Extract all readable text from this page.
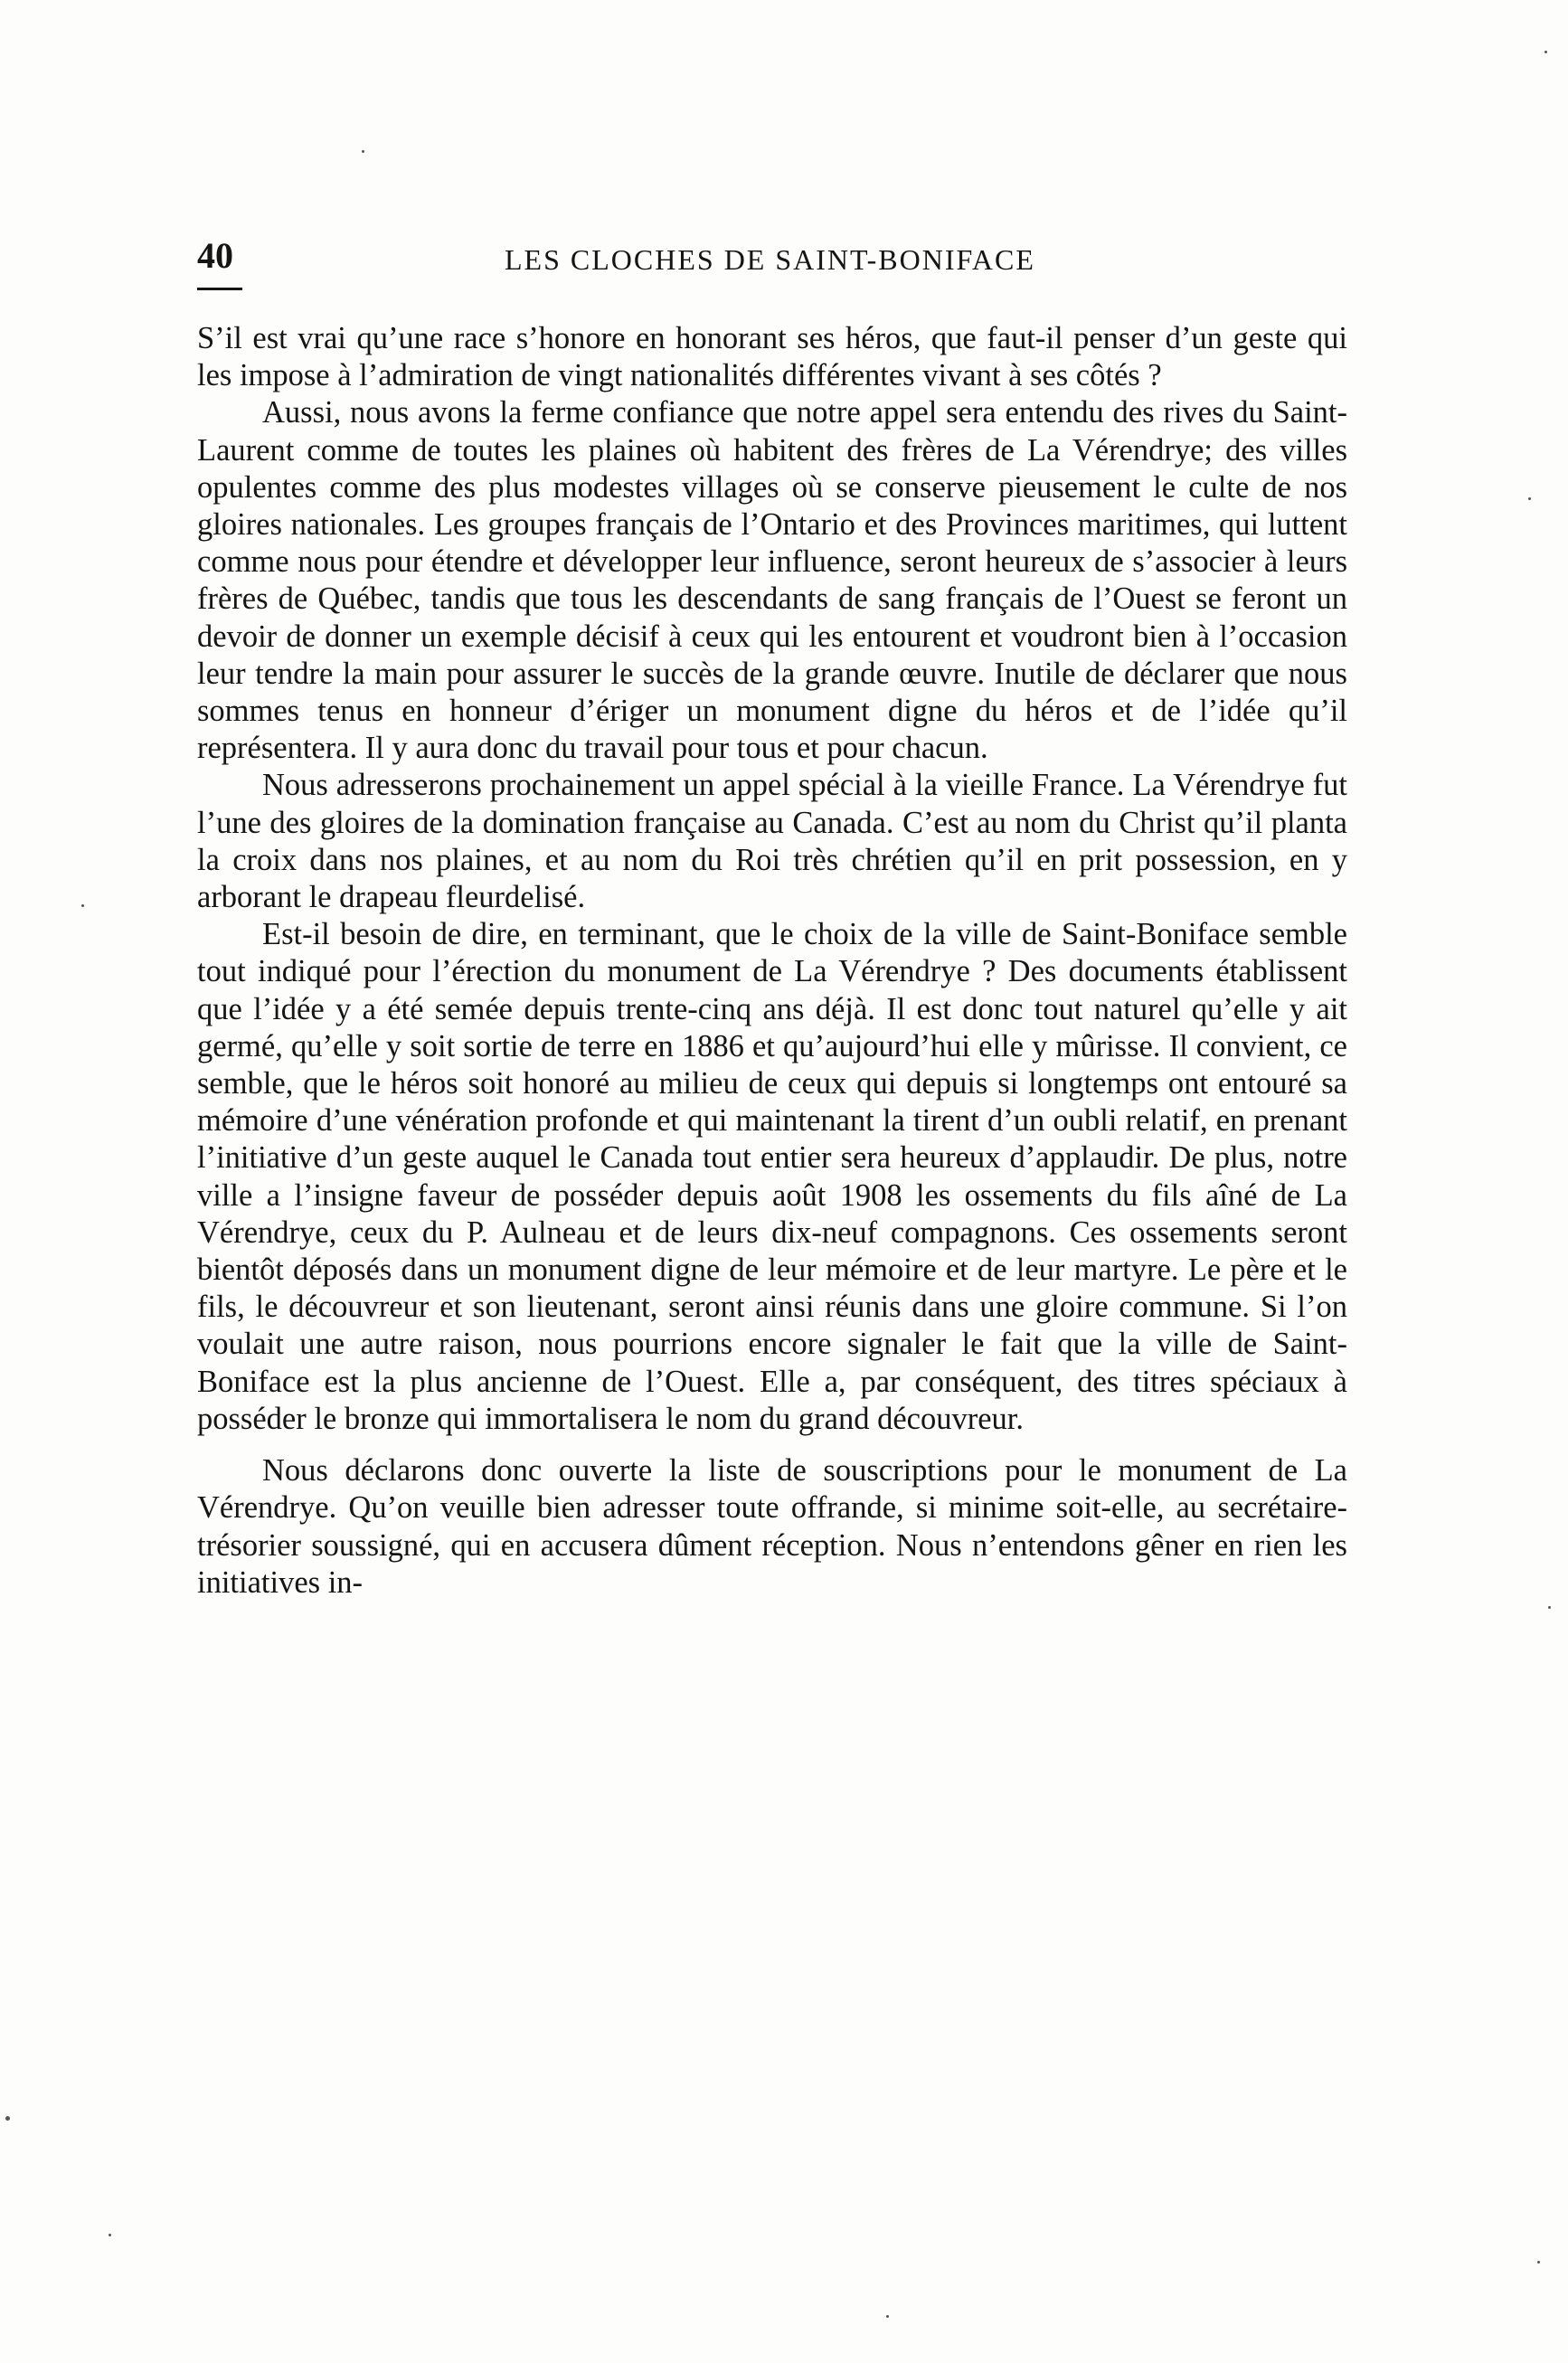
40	LES CLOCHES DE SAINT-BONIFACE

S’il est vrai qu’une race s’honore en honorant ses héros, que faut-il penser d’un geste qui les impose à l’admiration de vingt nationalités différentes vivant à ses côtés ?

Aussi, nous avons la ferme confiance que notre appel sera entendu des rives du Saint-Laurent comme de toutes les plaines où habitent des frères de La Vérendrye; des villes opulentes comme des plus modestes villages où se conserve pieusement le culte de nos gloires nationales. Les groupes français de l’Ontario et des Provinces maritimes, qui luttent comme nous pour étendre et développer leur influence, seront heureux de s’associer à leurs frères de Québec, tandis que tous les descendants de sang français de l’Ouest se feront un devoir de donner un exemple décisif à ceux qui les entourent et voudront bien à l’occasion leur tendre la main pour assurer le succès de la grande œuvre. Inutile de déclarer que nous sommes tenus en honneur d’ériger un monument digne du héros et de l’idée qu’il représentera. Il y aura donc du travail pour tous et pour chacun.

Nous adresserons prochainement un appel spécial à la vieille France. La Vérendrye fut l’une des gloires de la domination française au Canada. C’est au nom du Christ qu’il planta la croix dans nos plaines, et au nom du Roi très chrétien qu’il en prit possession, en y arborant le drapeau fleurdelisé.

Est-il besoin de dire, en terminant, que le choix de la ville de Saint-Boniface semble tout indiqué pour l’érection du monument de La Vérendrye ? Des documents établissent que l’idée y a été semée depuis trente-cinq ans déjà. Il est donc tout naturel qu’elle y ait germé, qu’elle y soit sortie de terre en 1886 et qu’aujourd’hui elle y mûrisse. Il convient, ce semble, que le héros soit honoré au milieu de ceux qui depuis si longtemps ont entouré sa mémoire d’une vénération profonde et qui maintenant la tirent d’un oubli relatif, en prenant l’initiative d’un geste auquel le Canada tout entier sera heureux d’applaudir. De plus, notre ville a l’insigne faveur de posséder depuis août 1908 les ossements du fils aîné de La Vérendrye, ceux du P. Aulneau et de leurs dix-neuf compagnons. Ces ossements seront bientôt déposés dans un monument digne de leur mémoire et de leur martyre. Le père et le fils, le découvreur et son lieutenant, seront ainsi réunis dans une gloire commune. Si l’on voulait une autre raison, nous pourrions encore signaler le fait que la ville de Saint-Boniface est la plus ancienne de l’Ouest. Elle a, par conséquent, des titres spéciaux à posséder le bronze qui immortalisera le nom du grand découvreur.

Nous déclarons donc ouverte la liste de souscriptions pour le monument de La Vérendrye. Qu’on veuille bien adresser toute offrande, si minime soit-elle, au secrétaire-trésorier soussigné, qui en accusera dûment réception. Nous n’entendons gêner en rien les initiatives in-
